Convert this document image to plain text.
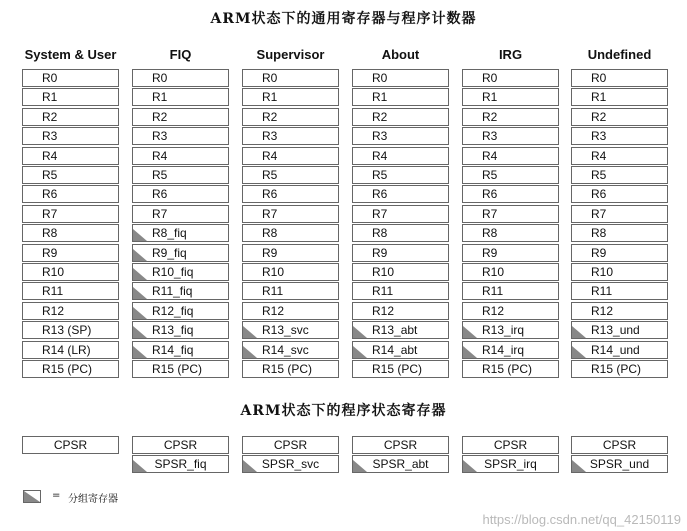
ARM状态下的通用寄存器与程序计数器
ARM状态下的程序状态寄存器
System & User
R0
R1
R2
R3
R4
R5
R6
R7
R8
R9
R10
R11
R12
R13 (SP)
R14 (LR)
R15 (PC)
CPSR
FIQ
R0
R1
R2
R3
R4
R5
R6
R7
R8_fiq
R9_fiq
R10_fiq
R11_fiq
R12_fiq
R13_fiq
R14_fiq
R15 (PC)
CPSR
SPSR_fiq
Supervisor
R0
R1
R2
R3
R4
R5
R6
R7
R8
R9
R10
R11
R12
R13_svc
R14_svc
R15 (PC)
CPSR
SPSR_svc
About
R0
R1
R2
R3
R4
R5
R6
R7
R8
R9
R10
R11
R12
R13_abt
R14_abt
R15 (PC)
CPSR
SPSR_abt
IRG
R0
R1
R2
R3
R4
R5
R6
R7
R8
R9
R10
R11
R12
R13_irq
R14_irq
R15 (PC)
CPSR
SPSR_irq
Undefined
R0
R1
R2
R3
R4
R5
R6
R7
R8
R9
R10
R11
R12
R13_und
R14_und
R15 (PC)
CPSR
SPSR_und
= 分组寄存器
https://blog.csdn.net/qq_42150119
